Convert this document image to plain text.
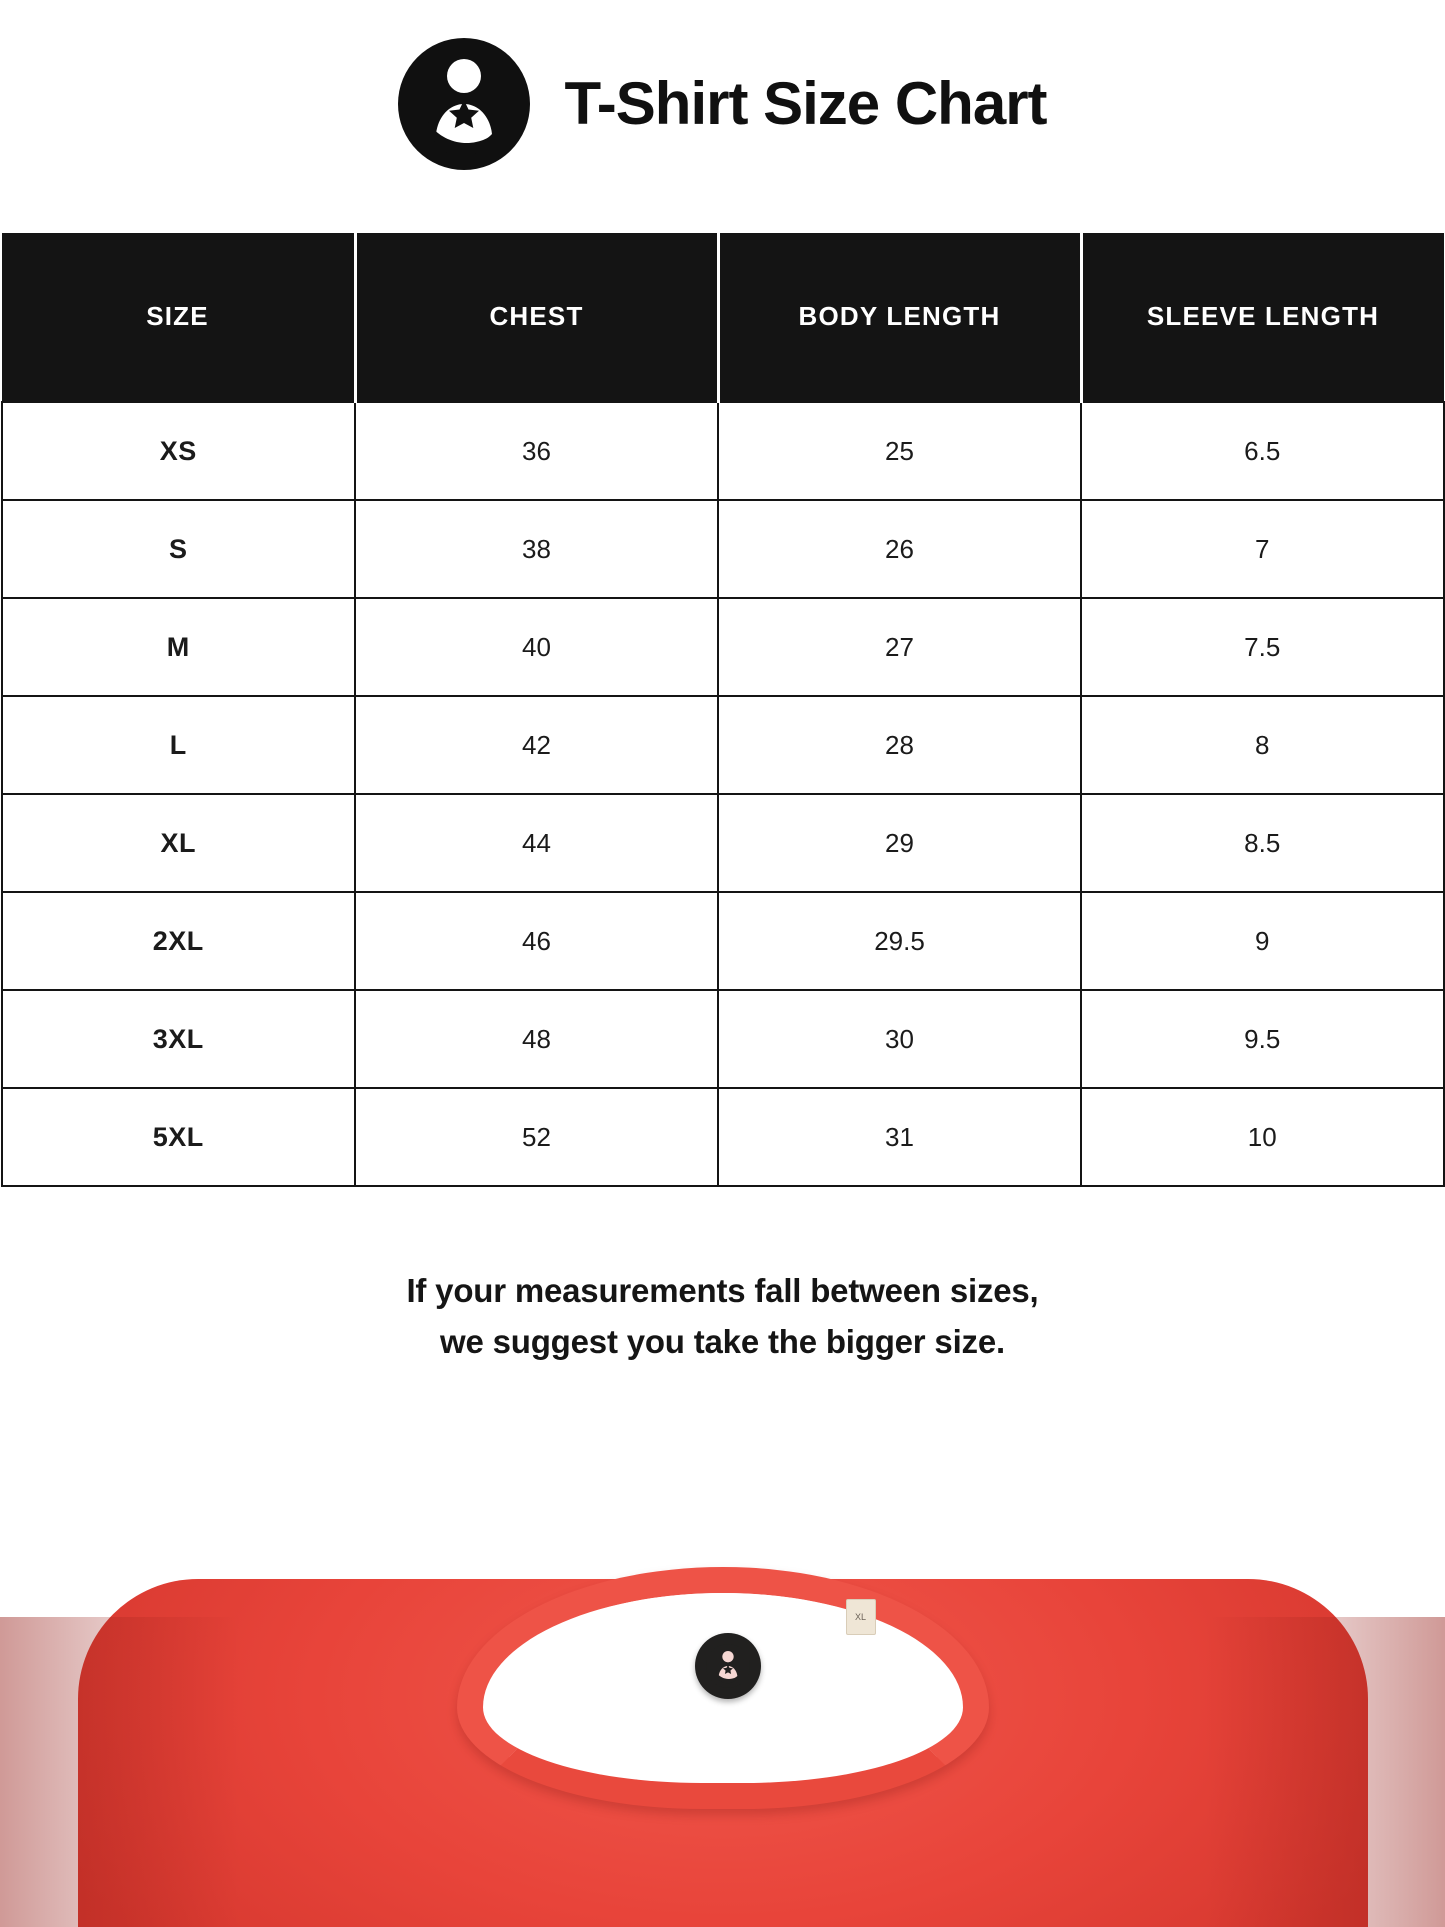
T-Shirt Size Chart
SIZE	CHEST	BODY LENGTH	SLEEVE LENGTH
XS	36	25	6.5
S	38	26	7
M	40	27	7.5
L	42	28	8
XL	44	29	8.5
2XL	46	29.5	9
3XL	48	30	9.5
5XL	52	31	10
If your measurements fall between sizes,
we suggest you take the bigger size.
XL
